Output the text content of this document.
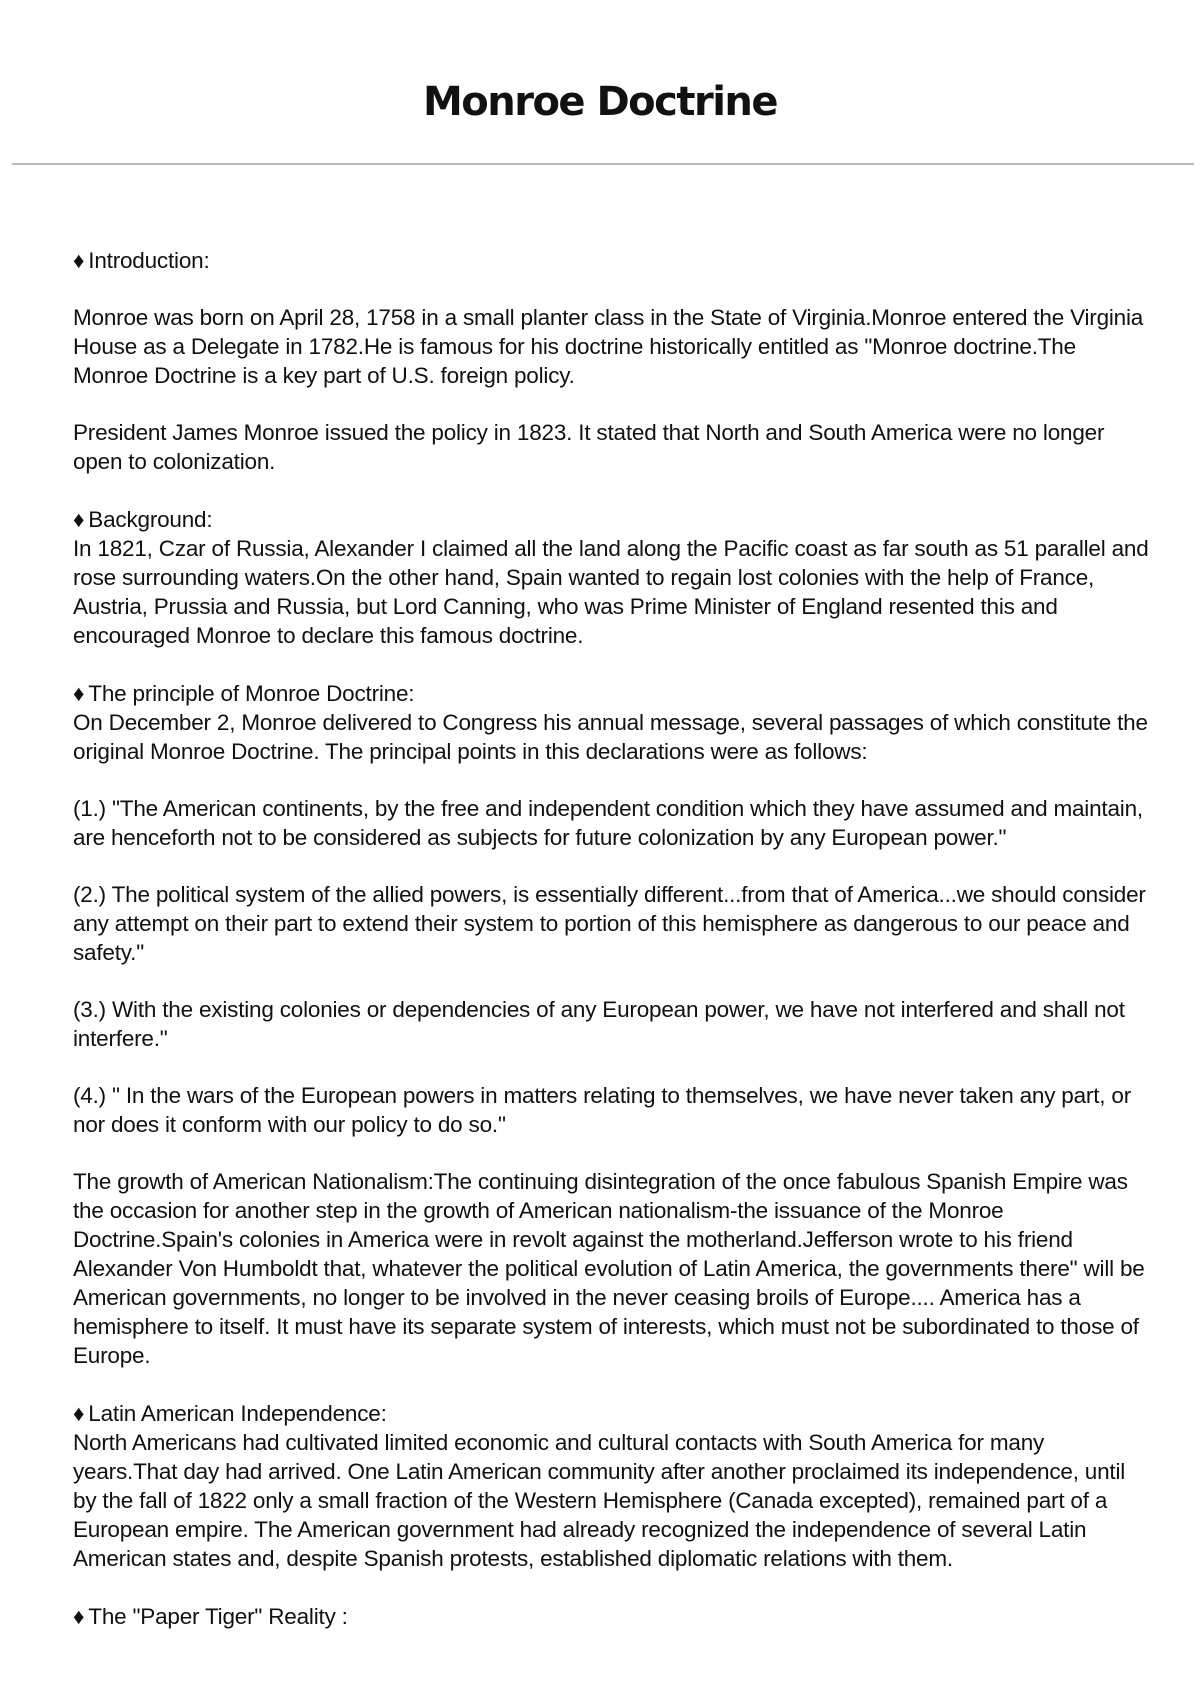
Monroe Doctrine

♦ Introduction:

Monroe was born on April 28, 1758 in a small planter class in the State of Virginia.Monroe entered the Virginia House as a Delegate in 1782.He is famous for his doctrine historically entitled as "Monroe doctrine.The Monroe Doctrine is a key part of U.S. foreign policy.

President James Monroe issued the policy in 1823. It stated that North and South America were no longer open to colonization.

♦ Background:

In 1821, Czar of Russia, Alexander I claimed all the land along the Pacific coast as far south as 51 parallel and rose surrounding waters.On the other hand, Spain wanted to regain lost colonies with the help of France, Austria, Prussia and Russia, but Lord Canning, who was Prime Minister of England resented this and encouraged Monroe to declare this famous doctrine.

♦ The principle of Monroe Doctrine:

On December 2, Monroe delivered to Congress his annual message, several passages of which constitute the original Monroe Doctrine. The principal points in this declarations were as follows:

(1.) "The American continents, by the free and independent condition which they have assumed and maintain, are henceforth not to be considered as subjects for future colonization by any European power."

(2.) The political system of the allied powers, is essentially different...from that of America...we should consider any attempt on their part to extend their system to portion of this hemisphere as dangerous to our peace and safety."

(3.) With the existing colonies or dependencies of any European power, we have not interfered and shall not interfere."

(4.) " In the wars of the European powers in matters relating to themselves, we have never taken any part, or nor does it conform with our policy to do so."

The growth of American Nationalism:The continuing disintegration of the once fabulous Spanish Empire was the occasion for another step in the growth of American nationalism-the issuance of the Monroe Doctrine.Spain's colonies in America were in revolt against the motherland.Jefferson wrote to his friend Alexander Von Humboldt that, whatever the political evolution of Latin America, the governments there" will be American governments, no longer to be involved in the never ceasing broils of Europe.... America has a hemisphere to itself. It must have its separate system of interests, which must not be subordinated to those of Europe.

♦ Latin American Independence:

North Americans had cultivated limited economic and cultural contacts with South America for many years.That day had arrived. One Latin American community after another proclaimed its independence, until by the fall of 1822 only a small fraction of the Western Hemisphere (Canada excepted), remained part of a European empire. The American government had already recognized the independence of several Latin American states and, despite Spanish protests, established diplomatic relations with them.

♦ The "Paper Tiger" Reality :
